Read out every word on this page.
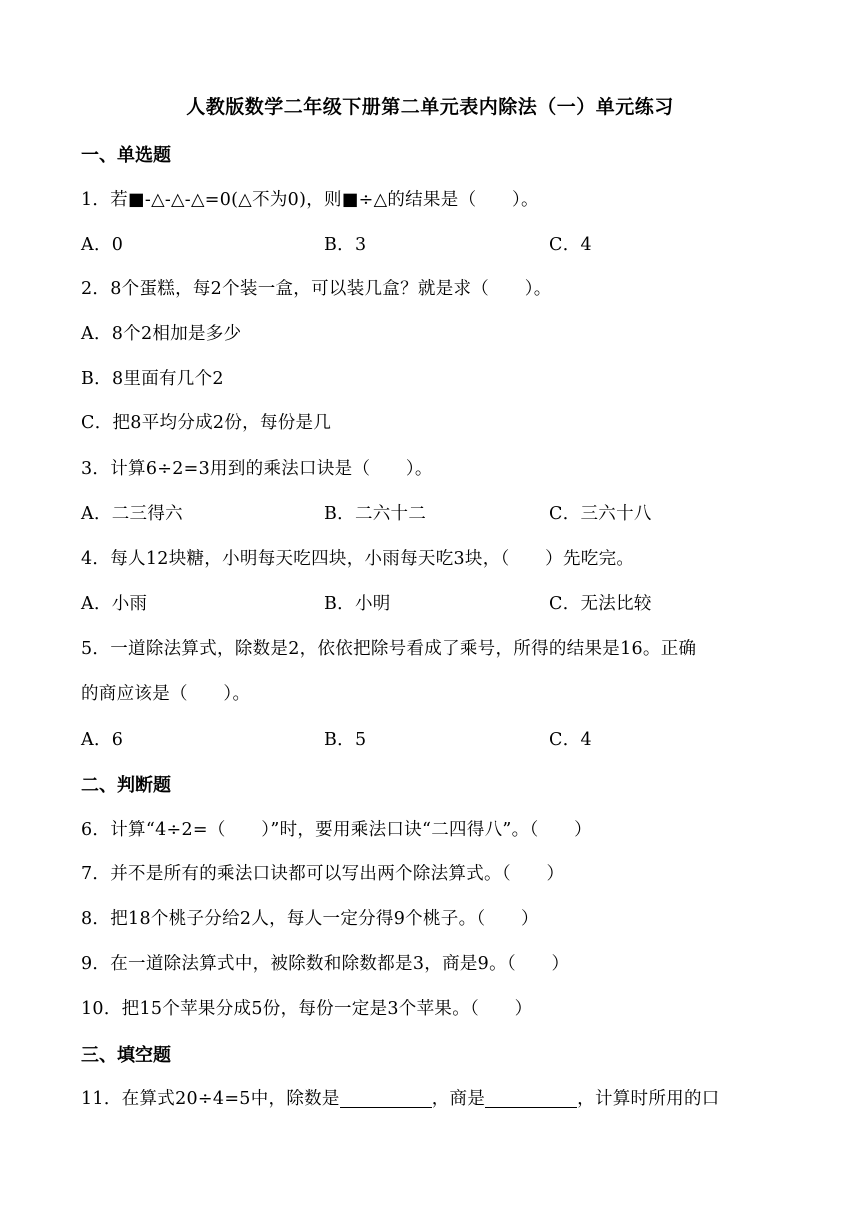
人教版数学二年级下册第二单元表内除法（一）单元练习
一、单选题
1．若■-△-△-△=0(△不为0)，则■÷△的结果是（　　）。
A．0	B．3	C．4
2．8个蛋糕，每2个装一盒，可以装几盒？就是求（　　）。
A．8个2相加是多少
B．8里面有几个2
C．把8平均分成2份，每份是几
3．计算6÷2=3用到的乘法口诀是（　　）。
A．二三得六	B．二六十二	C．三六十八
4．每人12块糖，小明每天吃四块，小雨每天吃3块，（　　）先吃完。
A．小雨	B．小明	C．无法比较
5．一道除法算式，除数是2，依依把除号看成了乘号，所得的结果是16。正确
的商应该是（　　）。
A．6	B．5	C．4
二、判断题
6．计算“4÷2=（　　）”时，要用乘法口诀“二四得八”。（　　）
7．并不是所有的乘法口诀都可以写出两个除法算式。（　　）
8．把18个桃子分给2人，每人一定分得9个桃子。（　　）
9．在一道除法算式中，被除数和除数都是3，商是9。（　　）
10．把15个苹果分成5份，每份一定是3个苹果。（　　）
三、填空题
11．在算式20÷4=5中，除数是	，商是	，计算时所用的口
